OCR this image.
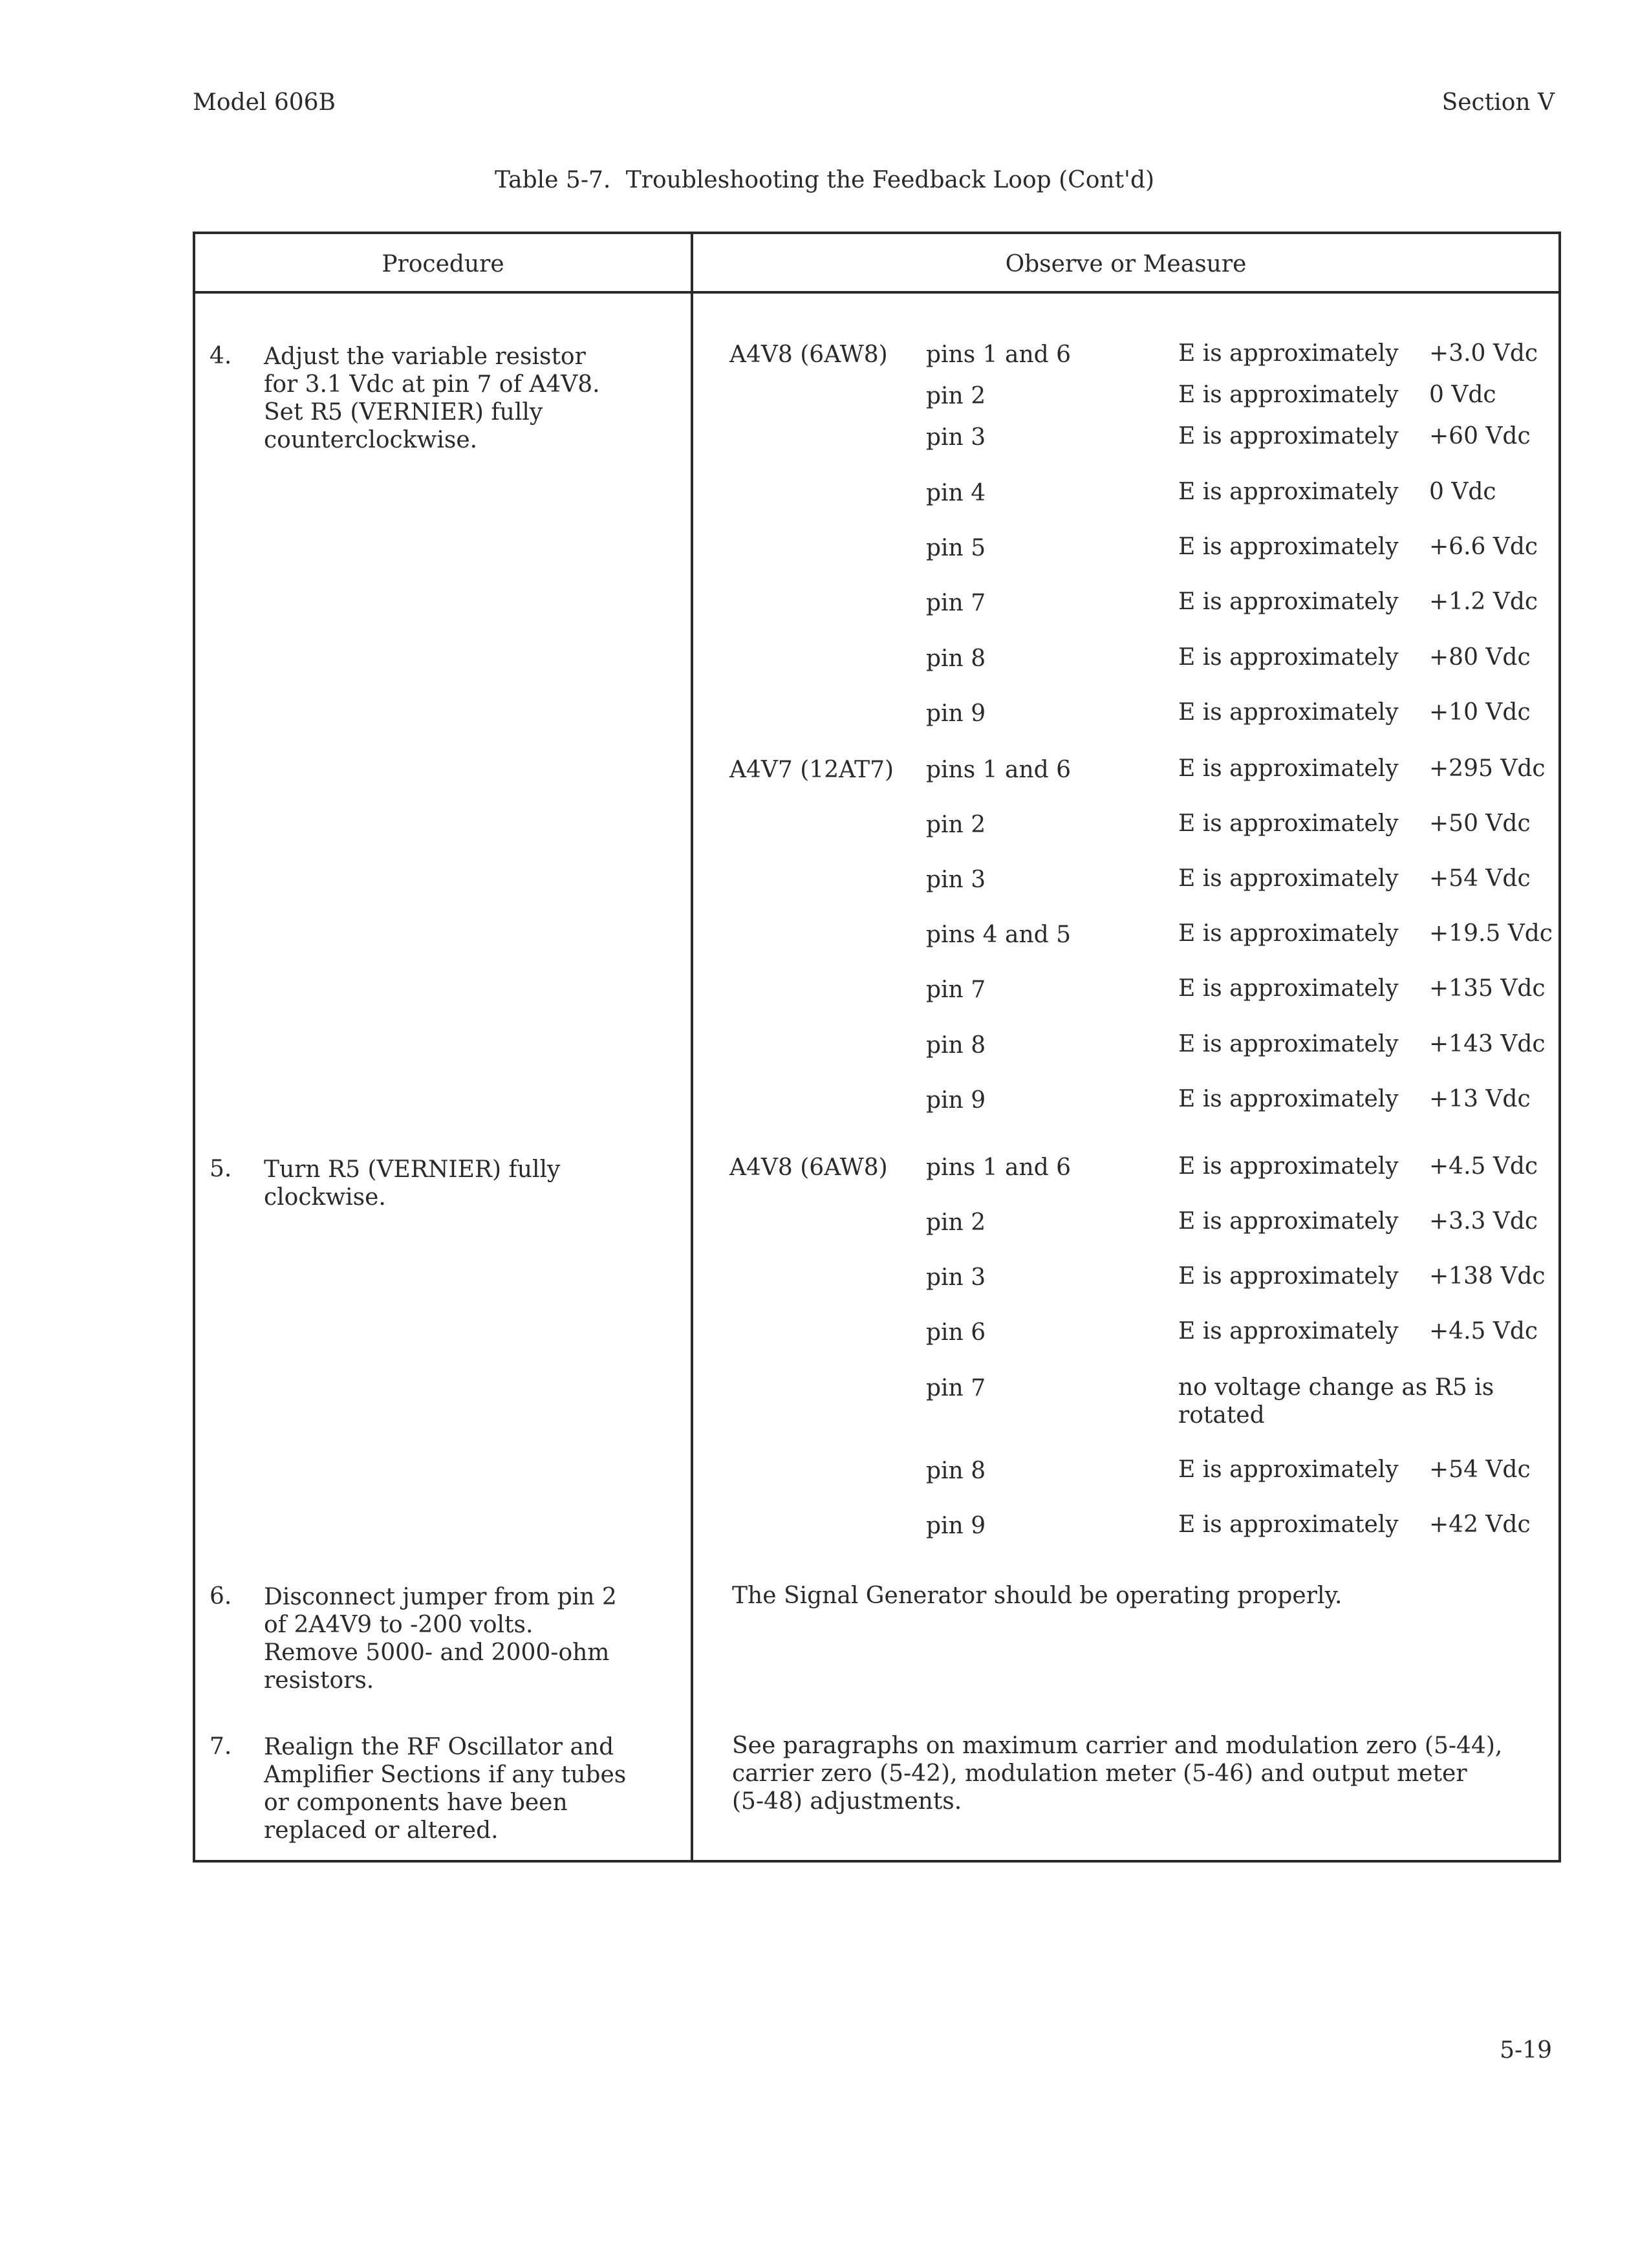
Model 606B	Section V
Table 5-7. Troubleshooting the Feedback Loop (Cont'd)
Procedure	Observe or Measure
4. Adjust the variable resistor
for 3.1 Vdc at pin 7 of A4V8.
Set R5 (VERNIER) fully
counterclockwise.
A4V8 (6AW8) pins 1 and 6	E is approximately +3.0 Vdc
pin 2	E is approximately 0 Vdc
pin 3	E is approximately +60 Vdc
pin 4	E is approximately 0 Vdc
pin 5	E is approximately +6.6 Vdc
pin 7	E is approximately +1.2 Vdc
pin 8	E is approximately +80 Vdc
pin 9	E is approximately +10 Vdc
A4V7 (12AT7) pins 1 and 6	E is approximately +295 Vdc
pin 2	E is approximately +50 Vdc
pin 3	E is approximately +54 Vdc
pins 4 and 5	E is approximately +19.5 Vdc
pin 7	E is approximately +135 Vdc
pin 8	E is approximately +143 Vdc
pin 9	E is approximately +13 Vdc
5. Turn R5 (VERNIER) fully
clockwise.
A4V8 (6AW8) pins 1 and 6	E is approximately +4.5 Vdc
pin 2	E is approximately +3.3 Vdc
pin 3	E is approximately +138 Vdc
pin 6	E is approximately +4.5 Vdc
pin 7	no voltage change as R5 is
rotated
pin 8	E is approximately +54 Vdc
pin 9	E is approximately +42 Vdc
6. Disconnect jumper from pin 2
of 2A4V9 to -200 volts.
Remove 5000- and 2000-ohm
resistors.
The Signal Generator should be operating properly.
7. Realign the RF Oscillator and
Amplifier Sections if any tubes
or components have been
replaced or altered.
See paragraphs on maximum carrier and modulation zero (5-44),
carrier zero (5-42), modulation meter (5-46) and output meter
(5-48) adjustments.
5-19
